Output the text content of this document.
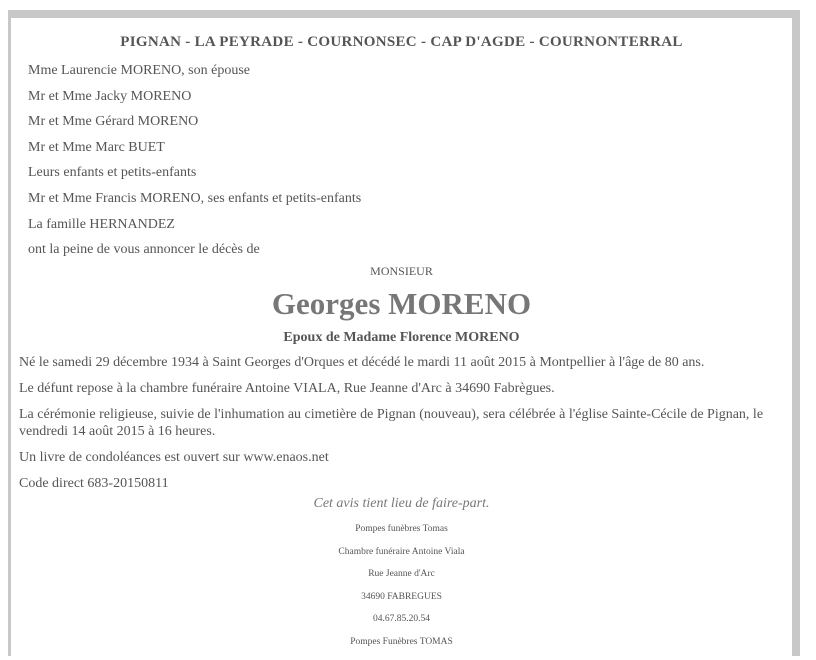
PIGNAN - LA PEYRADE - COURNONSEC - CAP D'AGDE - COURNONTERRAL
Mme Laurencie MORENO, son épouse
Mr et Mme Jacky MORENO
Mr et Mme Gérard MORENO
Mr et Mme Marc BUET
Leurs enfants et petits-enfants
Mr et Mme Francis MORENO, ses enfants et petits-enfants
La famille HERNANDEZ
ont la peine de vous annoncer le décès de
MONSIEUR
Georges MORENO
Epoux de Madame Florence MORENO

Né le samedi 29 décembre 1934 à Saint Georges d'Orques et décédé le mardi 11 août 2015 à Montpellier à l'âge de 80 ans.

Le défunt repose à la chambre funéraire Antoine VIALA, Rue Jeanne d'Arc à 34690 Fabrègues.

La cérémonie religieuse, suivie de l'inhumation au cimetière de Pignan (nouveau), sera célébrée à l'église Sainte-Cécile de Pignan, le vendredi 14 août 2015 à 16 heures.

Un livre de condoléances est ouvert sur www.enaos.net

Code direct 683-20150811

Cet avis tient lieu de faire-part.
Pompes funèbres Tomas
Chambre funéraire Antoine Viala
Rue Jeanne d'Arc
34690 FABREGUES
04.67.85.20.54
Pompes Funèbres TOMAS
